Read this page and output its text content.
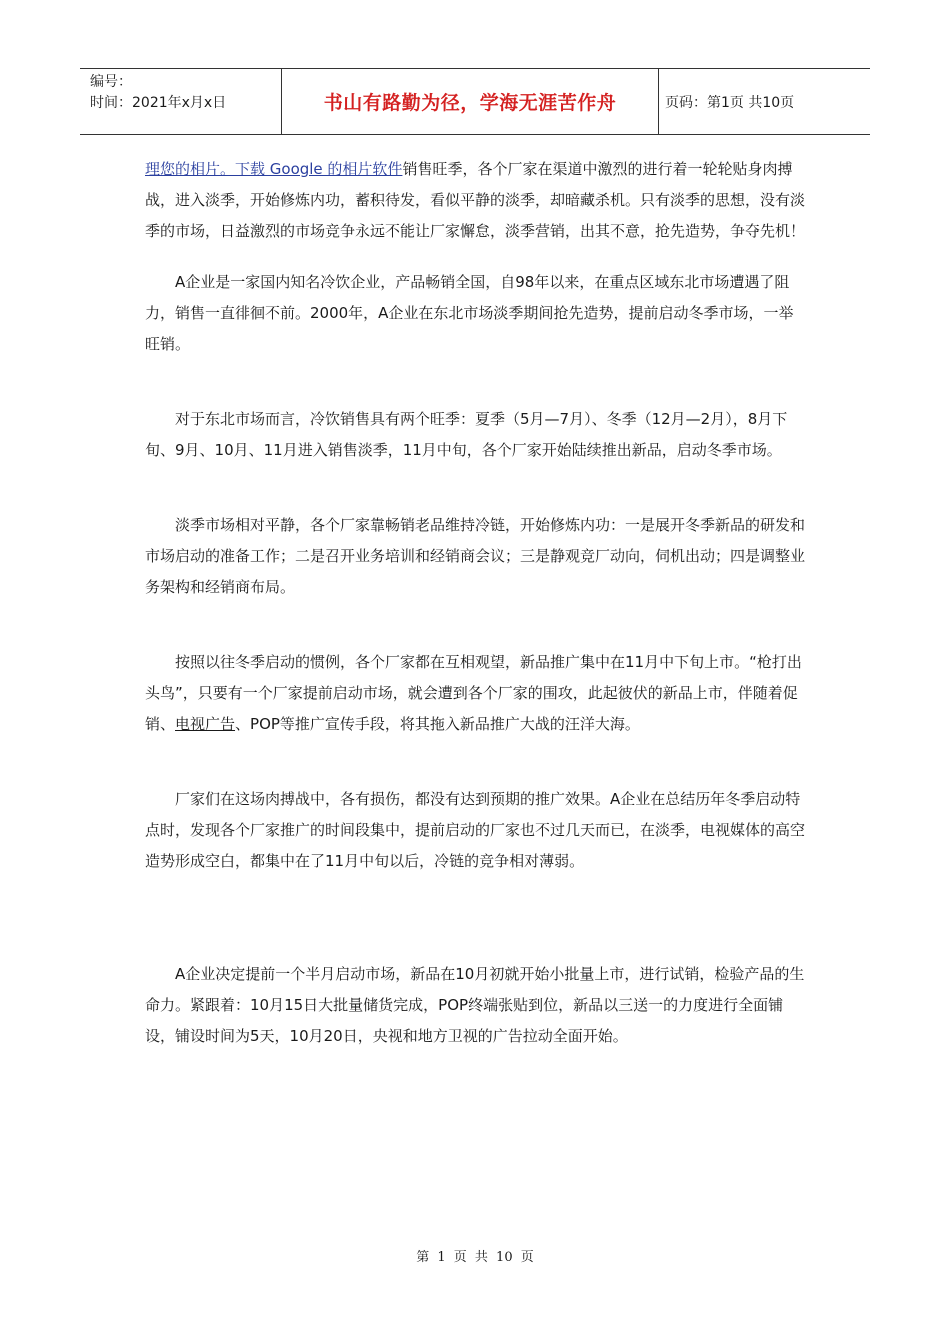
编号：
时间：2021年x月x日	书山有路勤为径，学海无涯苦作舟	页码：第1页 共10页

理您的相片。下载 Google 的相片软件销售旺季，各个厂家在渠道中激烈的进行着一轮轮贴身肉搏战，进入淡季，开始修炼内功，蓄积待发，看似平静的淡季，却暗藏杀机。只有淡季的思想，没有淡季的市场，日益激烈的市场竞争永远不能让厂家懈怠，淡季营销，出其不意，抢先造势，争夺先机！

A企业是一家国内知名冷饮企业，产品畅销全国，自98年以来，在重点区域东北市场遭遇了阻力，销售一直徘徊不前。2000年，A企业在东北市场淡季期间抢先造势，提前启动冬季市场，一举旺销。

对于东北市场而言，冷饮销售具有两个旺季：夏季（5月—7月）、冬季（12月—2月），8月下旬、9月、10月、11月进入销售淡季，11月中旬，各个厂家开始陆续推出新品，启动冬季市场。

淡季市场相对平静，各个厂家靠畅销老品维持冷链，开始修炼内功：一是展开冬季新品的研发和市场启动的准备工作；二是召开业务培训和经销商会议；三是静观竞厂动向，伺机出动；四是调整业务架构和经销商布局。

按照以往冬季启动的惯例，各个厂家都在互相观望，新品推广集中在11月中下旬上市。“枪打出头鸟”，只要有一个厂家提前启动市场，就会遭到各个厂家的围攻，此起彼伏的新品上市，伴随着促销、电视广告、POP等推广宣传手段，将其拖入新品推广大战的汪洋大海。

厂家们在这场肉搏战中，各有损伤，都没有达到预期的推广效果。A企业在总结历年冬季启动特点时，发现各个厂家推广的时间段集中，提前启动的厂家也不过几天而已，在淡季，电视媒体的高空造势形成空白，都集中在了11月中旬以后，冷链的竞争相对薄弱。

A企业决定提前一个半月启动市场，新品在10月初就开始小批量上市，进行试销，检验产品的生命力。紧跟着：10月15日大批量储货完成，POP终端张贴到位，新品以三送一的力度进行全面铺设，铺设时间为5天，10月20日，央视和地方卫视的广告拉动全面开始。

第 1 页 共 10 页
